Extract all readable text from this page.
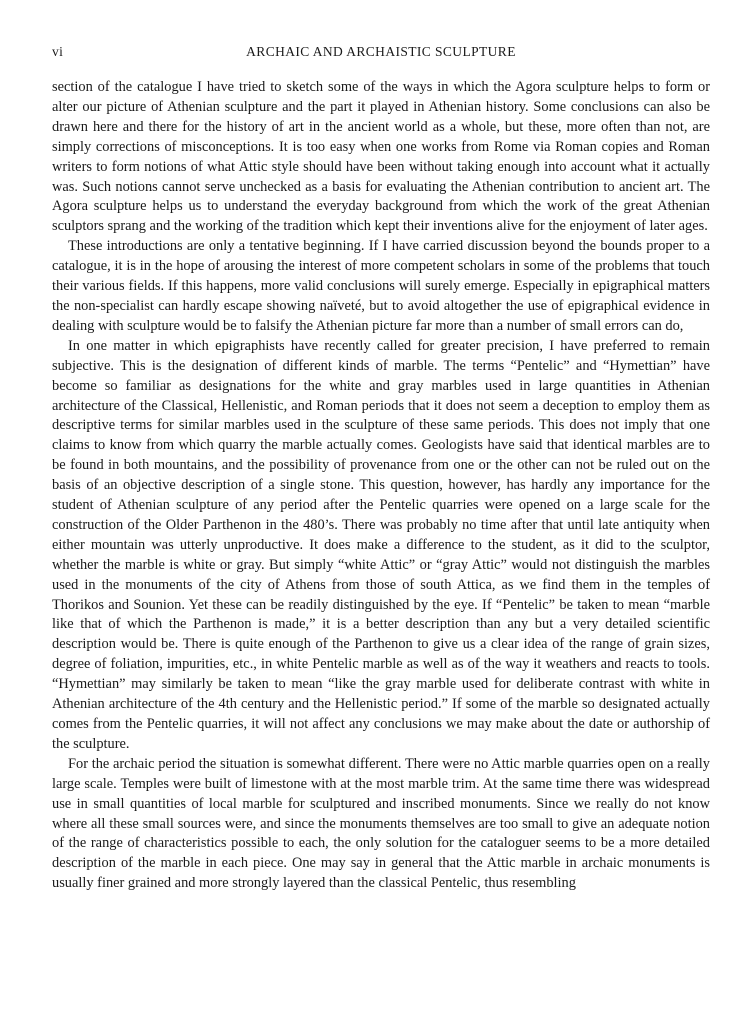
vi	ARCHAIC AND ARCHAISTIC SCULPTURE

section of the catalogue I have tried to sketch some of the ways in which the Agora sculpture helps to form or alter our picture of Athenian sculpture and the part it played in Athenian history. Some conclusions can also be drawn here and there for the history of art in the ancient world as a whole, but these, more often than not, are simply corrections of misconceptions. It is too easy when one works from Rome via Roman copies and Roman writers to form notions of what Attic style should have been without taking enough into account what it actually was. Such notions cannot serve unchecked as a basis for evaluating the Athenian contribution to ancient art. The Agora sculpture helps us to understand the everyday background from which the work of the great Athenian sculptors sprang and the working of the tradition which kept their inventions alive for the enjoyment of later ages.

These introductions are only a tentative beginning. If I have carried discussion beyond the bounds proper to a catalogue, it is in the hope of arousing the interest of more competent scholars in some of the problems that touch their various fields. If this happens, more valid conclusions will surely emerge. Especially in epigraphical matters the non-specialist can hardly escape showing naïveté, but to avoid altogether the use of epigraphical evidence in dealing with sculpture would be to falsify the Athenian picture far more than a number of small errors can do,

In one matter in which epigraphists have recently called for greater precision, I have preferred to remain subjective. This is the designation of different kinds of marble. The terms “Pentelic” and “Hymettian” have become so familiar as designations for the white and gray marbles used in large quantities in Athenian architecture of the Classical, Hellenistic, and Roman periods that it does not seem a deception to employ them as descriptive terms for similar marbles used in the sculpture of these same periods. This does not imply that one claims to know from which quarry the marble actually comes. Geologists have said that identical marbles are to be found in both mountains, and the possibility of provenance from one or the other can not be ruled out on the basis of an objective description of a single stone. This question, however, has hardly any importance for the student of Athenian sculpture of any period after the Pentelic quarries were opened on a large scale for the construction of the Older Parthenon in the 480’s. There was probably no time after that until late antiquity when either mountain was utterly unproductive. It does make a difference to the student, as it did to the sculptor, whether the marble is white or gray. But simply “white Attic” or “gray Attic” would not distinguish the marbles used in the monuments of the city of Athens from those of south Attica, as we find them in the temples of Thorikos and Sounion. Yet these can be readily distinguished by the eye. If “Pentelic” be taken to mean “marble like that of which the Parthenon is made,” it is a better description than any but a very detailed scientific description would be. There is quite enough of the Parthenon to give us a clear idea of the range of grain sizes, degree of foliation, impurities, etc., in white Pentelic marble as well as of the way it weathers and reacts to tools. “Hymettian” may similarly be taken to mean “like the gray marble used for deliberate contrast with white in Athenian architecture of the 4th century and the Hellenistic period.” If some of the marble so designated actually comes from the Pentelic quarries, it will not affect any conclusions we may make about the date or authorship of the sculpture.

For the archaic period the situation is somewhat different. There were no Attic marble quarries open on a really large scale. Temples were built of limestone with at the most marble trim. At the same time there was widespread use in small quantities of local marble for sculptured and inscribed monuments. Since we really do not know where all these small sources were, and since the monuments themselves are too small to give an adequate notion of the range of characteristics possible to each, the only solution for the cataloguer seems to be a more detailed description of the marble in each piece. One may say in general that the Attic marble in archaic monuments is usually finer grained and more strongly layered than the classical Pentelic, thus resembling
